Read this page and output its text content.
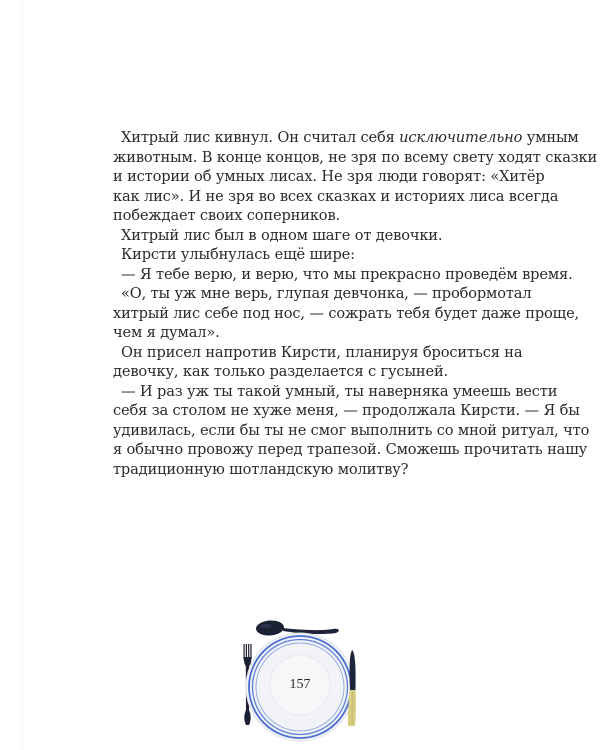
Хитрый лис кивнул. Он считал себя исключительно умным
животным. В конце концов, не зря по всему свету ходят сказки
и истории об умных лисах. Не зря люди говорят: «Хитёр
как лис». И не зря во всех сказках и историях лиса всегда
побеждает своих соперников.
Хитрый лис был в одном шаге от девочки.
Кирсти улыбнулась ещё шире:
— Я тебе верю, и верю, что мы прекрасно проведём время.
«О, ты уж мне верь, глупая девчонка, — пробормотал
хитрый лис себе под нос, — сожрать тебя будет даже проще,
чем я думал».
Он присел напротив Кирсти, планируя броситься на
девочку, как только разделается с гусыней.
— И раз уж ты такой умный, ты наверняка умеешь вести
себя за столом не хуже меня, — продолжала Кирсти. — Я бы
удивилась, если бы ты не смог выполнить со мной ритуал, что
я обычно провожу перед трапезой. Сможешь прочитать нашу
традиционную шотландскую молитву?
157
